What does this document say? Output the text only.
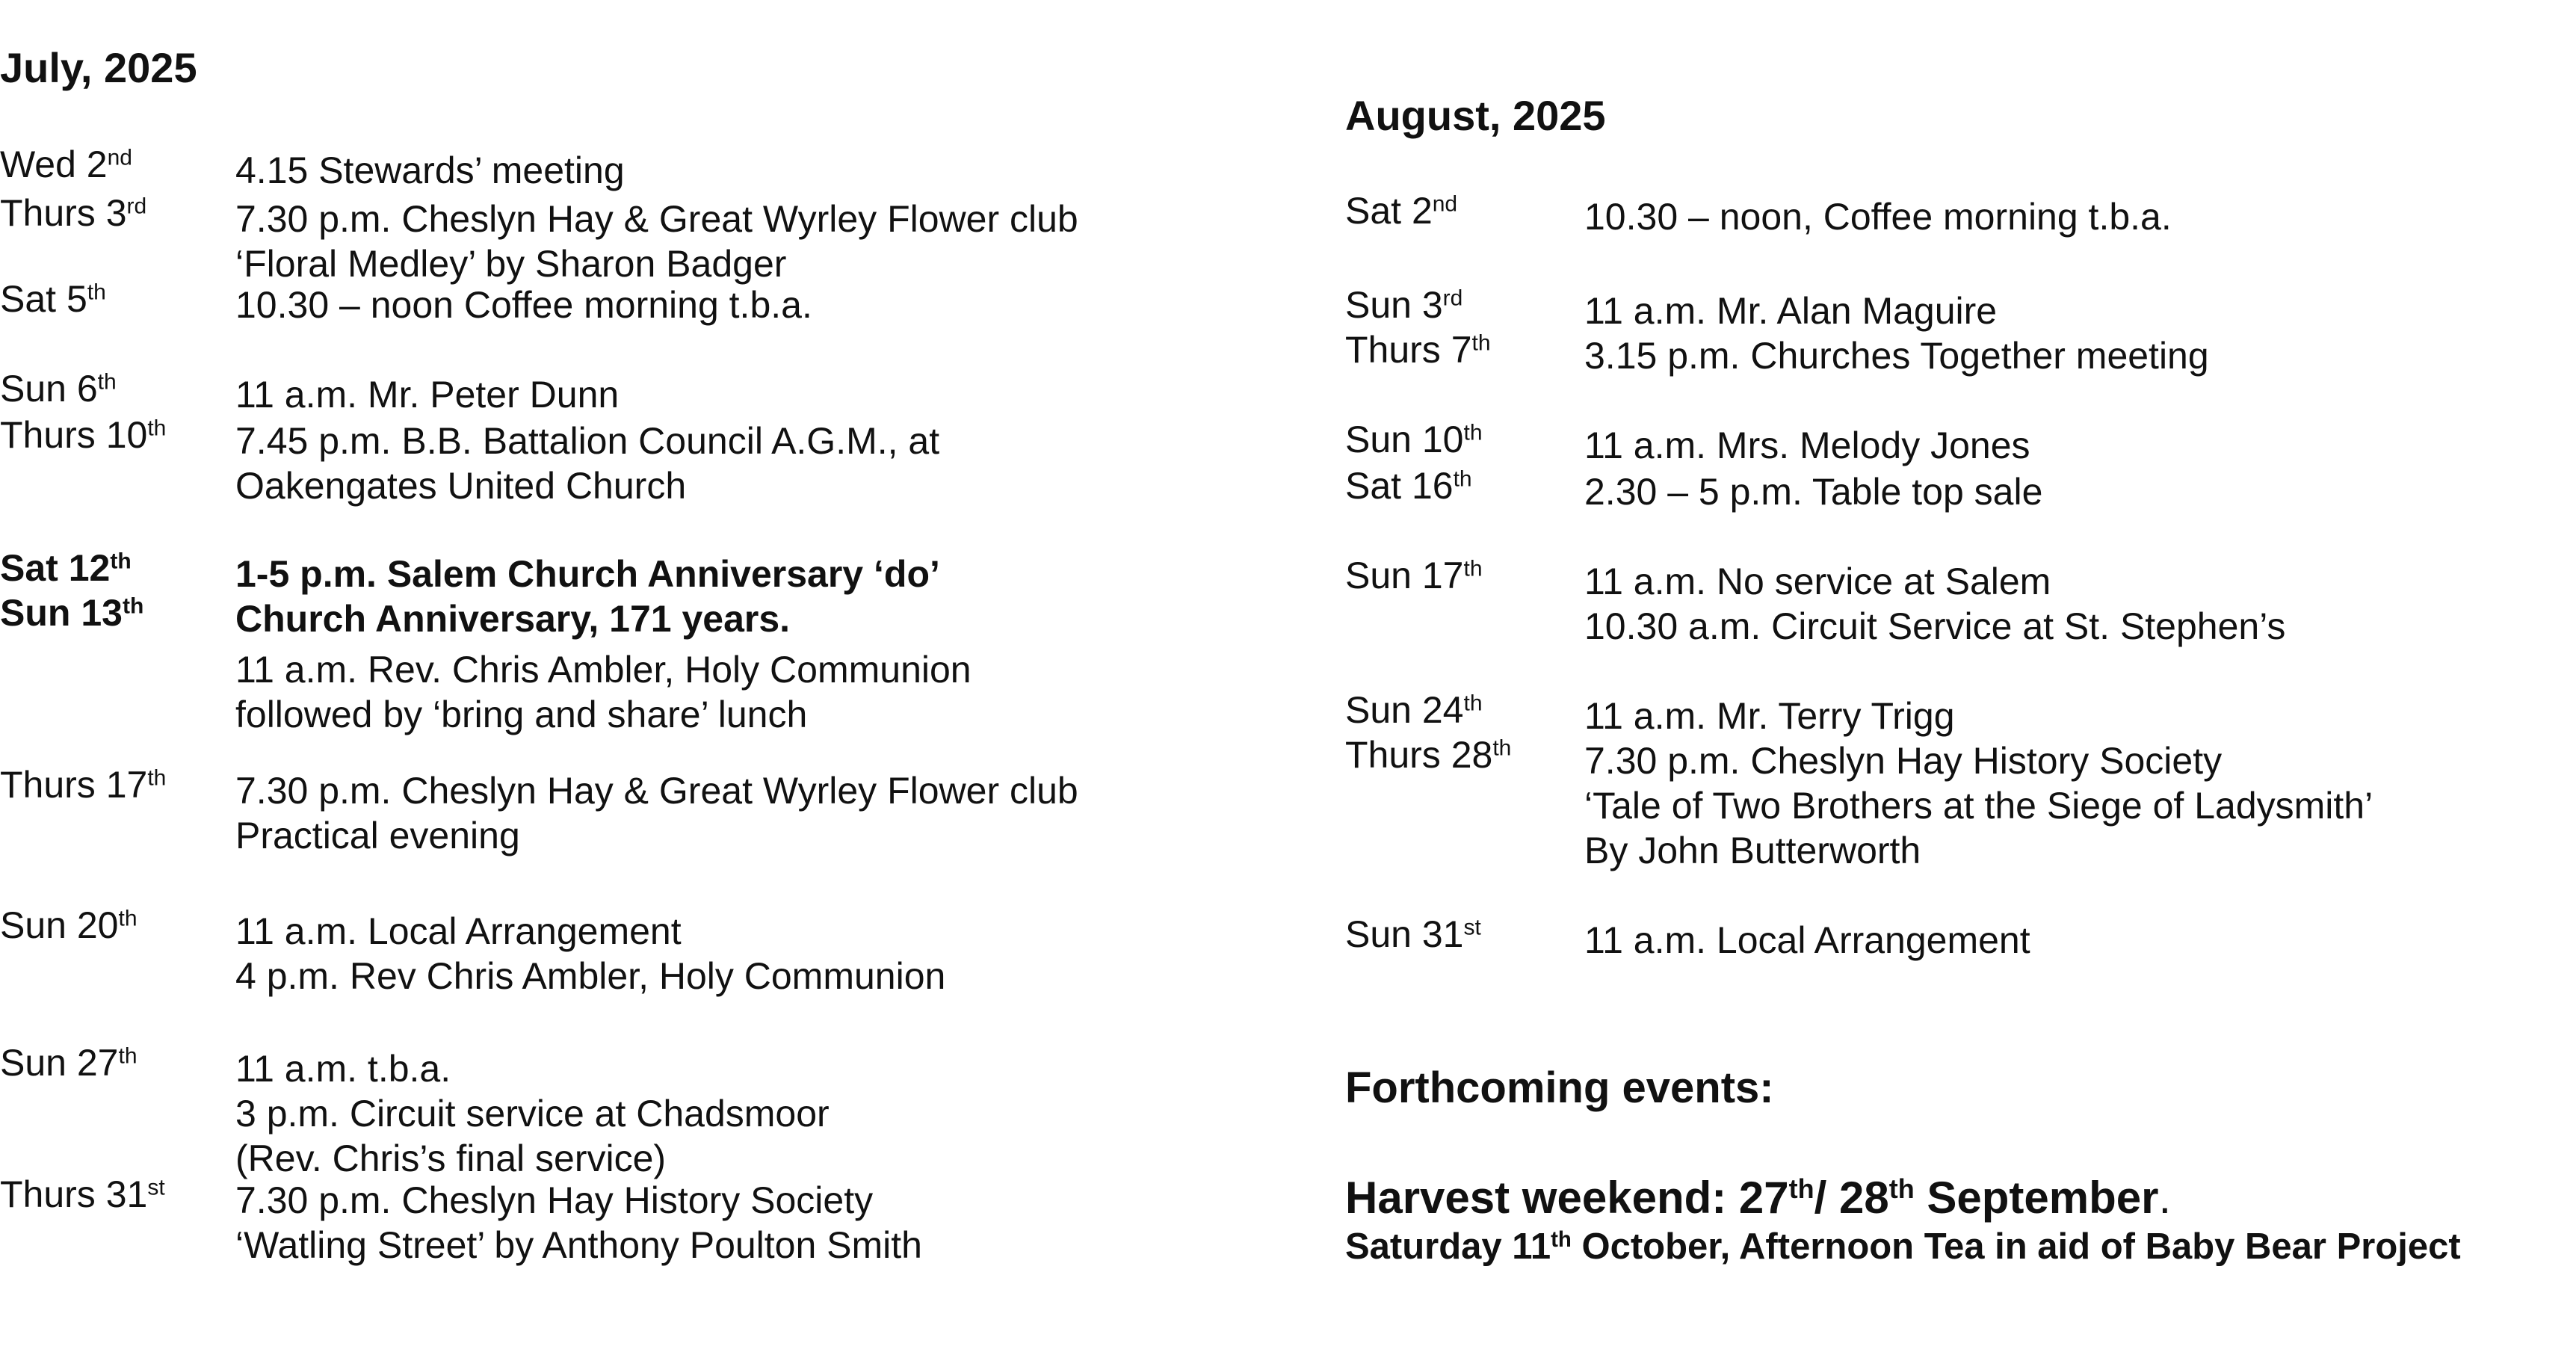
July, 2025
Wed 2nd	4.15 Stewards’ meeting
Thurs 3rd 7.30 p.m. Cheslyn Hay & Great Wyrley Flower club
‘Floral Medley’ by Sharon Badger
Sat 5th	10.30 – noon Coffee morning t.b.a.
Sun 6th	11 a.m. Mr. Peter Dunn
Thurs 10th 7.45 p.m. B.B. Battalion Council A.G.M., at
Oakengates United Church
Sat 12th	1-5 p.m. Salem Church Anniversary ‘do’
Sun 13th Church Anniversary, 171 years.
11 a.m. Rev. Chris Ambler, Holy Communion
followed by ‘bring and share’ lunch
Thurs 17th 7.30 p.m. Cheslyn Hay & Great Wyrley Flower club
Practical evening
Sun 20th	11 a.m. Local Arrangement
4 p.m. Rev Chris Ambler, Holy Communion
Sun 27th	11 a.m. t.b.a.
3 p.m. Circuit service at Chadsmoor
(Rev. Chris’s final service)
Thurs 31st 7.30 p.m. Cheslyn Hay History Society
‘Watling Street’ by Anthony Poulton Smith
August, 2025
Forthcoming events:
Harvest weekend: 27th/ 28th September.
Saturday 11th October, Afternoon Tea in aid of Baby Bear Project
Sat 2nd	10.30 – noon, Coffee morning t.b.a.
Sun 3rd	11 a.m. Mr. Alan Maguire
Thurs 7th	3.15 p.m. Churches Together meeting
Sun 10th	11 a.m. Mrs. Melody Jones
Sat 16th	2.30 – 5 p.m. Table top sale
Sun 17th	11 a.m. No service at Salem
10.30 a.m. Circuit Service at St. Stephen’s
Sun 24th	11 a.m. Mr. Terry Trigg
Thurs 28th 7.30 p.m. Cheslyn Hay History Society
‘Tale of Two Brothers at the Siege of Ladysmith’
By John Butterworth
Sun 31st	11 a.m. Local Arrangement
